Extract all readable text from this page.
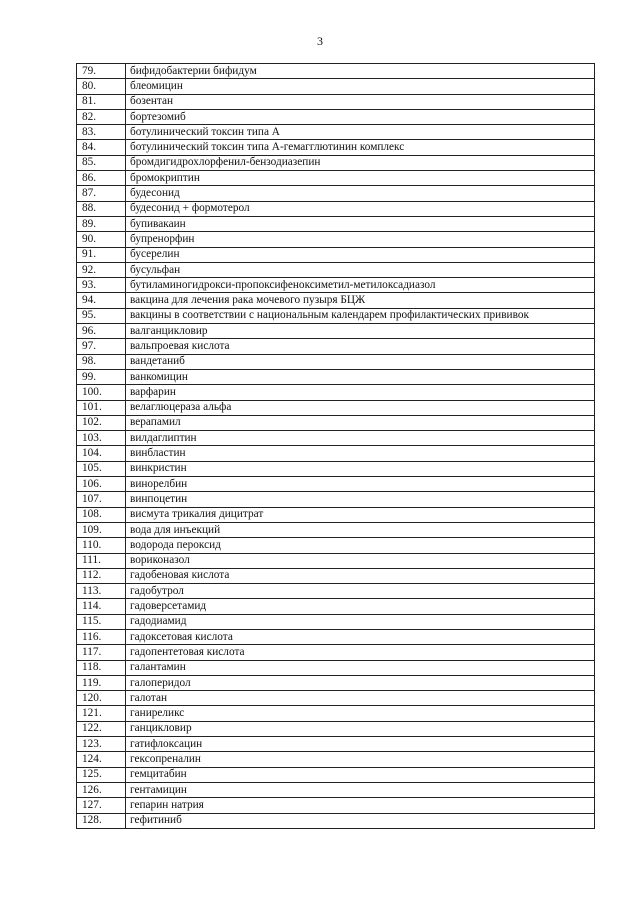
3
79.	бифидобактерии бифидум
80.	блеомицин
81.	бозентан
82.	бортезомиб
83.	ботулинический токсин типа А
84.	ботулинический токсин типа А-гемагглютинин комплекс
85.	бромдигидрохлорфенил-бензодиазепин
86.	бромокриптин
87.	будесонид
88.	будесонид + формотерол
89.	бупивакаин
90.	бупренорфин
91.	бусерелин
92.	бусульфан
93.	бутиламиногидрокси-пропоксифеноксиметил-метилоксадиазол
94.	вакцина для лечения рака мочевого пузыря БЦЖ
95.	вакцины в соответствии с национальным календарем профилактических прививок
96.	валганцикловир
97.	вальпроевая кислота
98.	вандетаниб
99.	ванкомицин
100.	варфарин
101.	велаглюцераза альфа
102.	верапамил
103.	вилдаглиптин
104.	винбластин
105.	винкристин
106.	винорелбин
107.	винпоцетин
108.	висмута трикалия дицитрат
109.	вода для инъекций
110.	водорода пероксид
111.	вориконазол
112.	гадобеновая кислота
113.	гадобутрол
114.	гадоверсетамид
115.	гадодиамид
116.	гадоксетовая кислота
117.	гадопентетовая кислота
118.	галантамин
119.	галоперидол
120.	галотан
121.	ганиреликс
122.	ганцикловир
123.	гатифлоксацин
124.	гексопреналин
125.	гемцитабин
126.	гентамицин
127.	гепарин натрия
128.	гефитиниб
